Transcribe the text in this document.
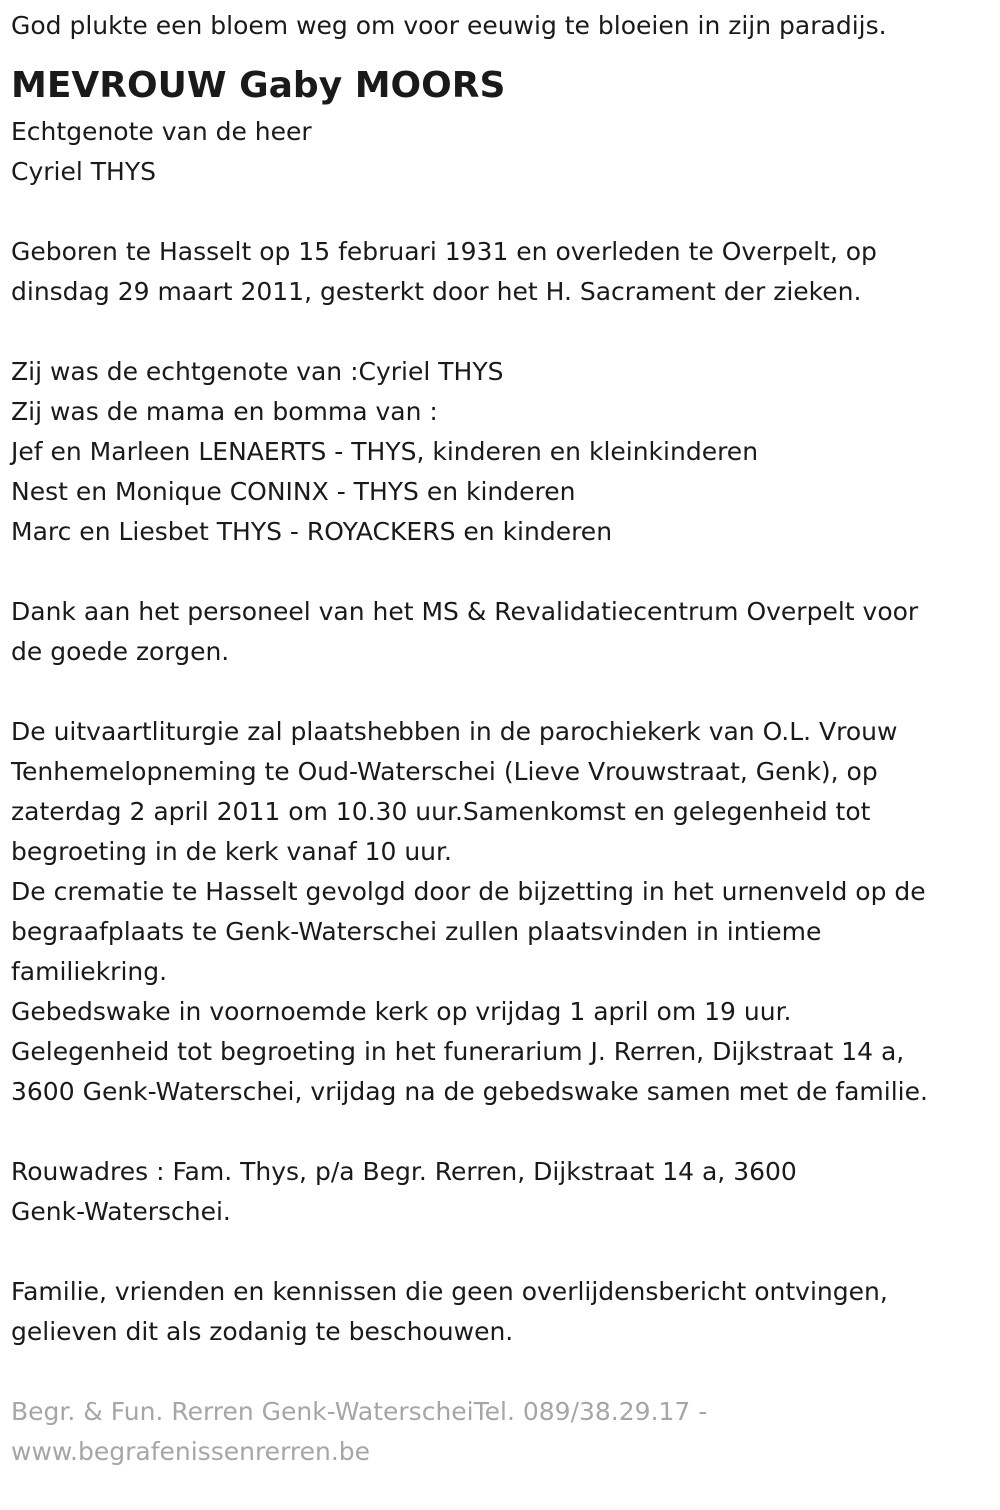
God plukte een bloem weg om voor eeuwig te bloeien in zijn paradijs.
MEVROUW Gaby MOORS
Echtgenote van de heer
Cyriel THYS
Geboren te Hasselt op 15 februari 1931 en overleden te Overpelt, op
dinsdag 29 maart 2011, gesterkt door het H. Sacrament der zieken.
Zij was de echtgenote van :Cyriel THYS
Zij was de mama en bomma van :
Jef en Marleen LENAERTS - THYS, kinderen en kleinkinderen
Nest en Monique CONINX - THYS en kinderen
Marc en Liesbet THYS - ROYACKERS en kinderen
Dank aan het personeel van het MS & Revalidatiecentrum Overpelt voor
de goede zorgen.
De uitvaartliturgie zal plaatshebben in de parochiekerk van O.L. Vrouw
Tenhemelopneming te Oud-Waterschei (Lieve Vrouwstraat, Genk), op
zaterdag 2 april 2011 om 10.30 uur.Samenkomst en gelegenheid tot
begroeting in de kerk vanaf 10 uur.
De crematie te Hasselt gevolgd door de bijzetting in het urnenveld op de
begraafplaats te Genk-Waterschei zullen plaatsvinden in intieme
familiekring.
Gebedswake in voornoemde kerk op vrijdag 1 april om 19 uur.
Gelegenheid tot begroeting in het funerarium J. Rerren, Dijkstraat 14 a,
3600 Genk-Waterschei, vrijdag na de gebedswake samen met de familie.
Rouwadres : Fam. Thys, p/a Begr. Rerren, Dijkstraat 14 a, 3600
Genk-Waterschei.
Familie, vrienden en kennissen die geen overlijdensbericht ontvingen,
gelieven dit als zodanig te beschouwen.
Begr. & Fun. Rerren Genk-WaterscheiTel. 089/38.29.17 -
www.begrafenissenrerren.be
